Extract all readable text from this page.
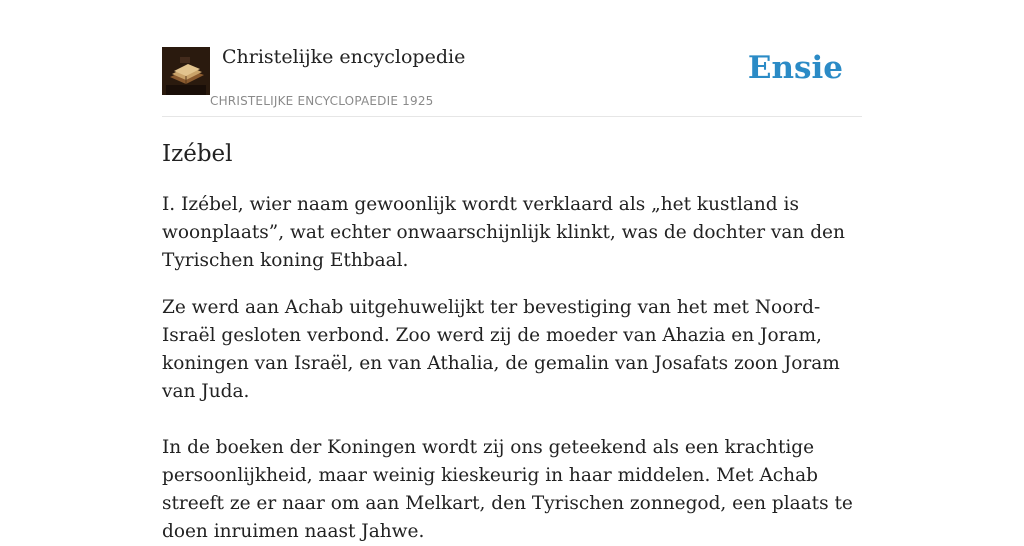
Christelijke encyclopedie
CHRISTELIJKE ENCYCLOPAEDIE 1925
Ensie
Izébel

I. Izébel, wier naam gewoonlijk wordt verklaard als „het kustland is woonplaats”, wat echter onwaarschijnlijk klinkt, was de dochter van den Tyrischen koning Ethbaal.

Ze werd aan Achab uitgehuwelijkt ter bevestiging van het met Noord-Israël gesloten verbond. Zoo werd zij de moeder van Ahazia en Joram, koningen van Israël, en van Athalia, de gemalin van Josafats zoon Joram van Juda.

In de boeken der Koningen wordt zij ons geteekend als een krachtige persoonlijkheid, maar weinig kieskeurig in haar middelen. Met Achab streeft ze er naar om aan Melkart, den Tyrischen zonnegod, een plaats te doen inruimen naast Jahwe.
